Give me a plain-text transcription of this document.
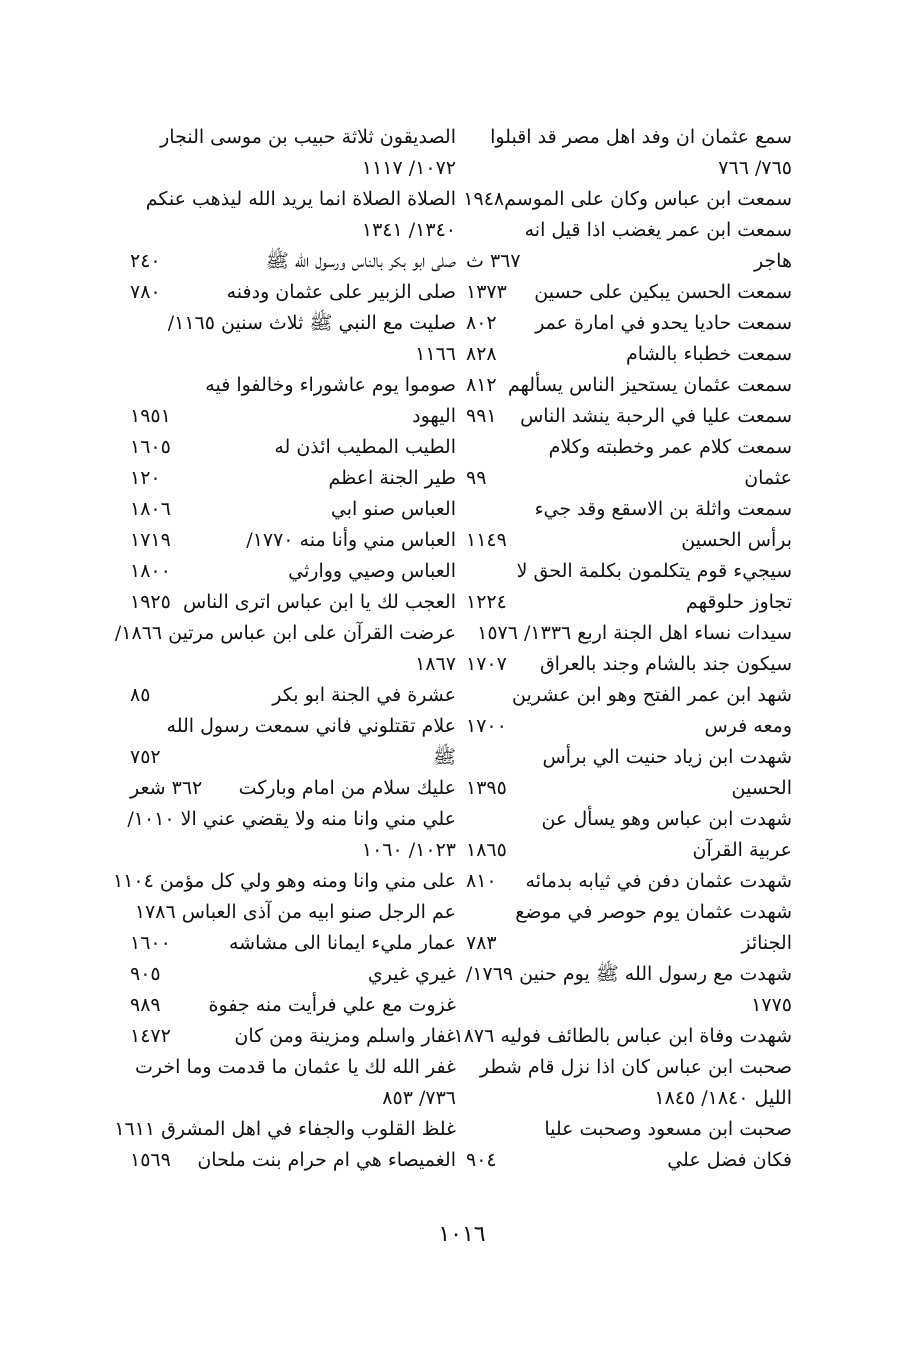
سمع عثمان ان وفد اهل مصر قد اقبلوا
٧٦٥/ ٧٦٦
سمعت ابن عباس وكان على الموسم
١٩٤٨
سمعت ابن عمر يغضب اذا قيل انه
هاجر
٣٦٧ ث
سمعت الحسن يبكين على حسين
١٣٧٣
سمعت حاديا يحدو في امارة عمر
٨٠٢
سمعت خطباء بالشام
٨٢٨
سمعت عثمان يستحيز الناس يسألهم
٨١٢
سمعت عليا في الرحبة ينشد الناس
٩٩١
سمعت كلام عمر وخطبته وكلام
عثمان
٩٩
سمعت واثلة بن الاسقع وقد جيء
برأس الحسين
١١٤٩
سيجيء قوم يتكلمون بكلمة الحق لا
تجاوز حلوقهم
١٢٢٤
سيدات نساء اهل الجنة اربع ١٣٣٦/ ١٥٧٦
سيكون جند بالشام وجند بالعراق
١٧٠٧
شهد ابن عمر الفتح وهو ابن عشرين
ومعه فرس
١٧٠٠
شهدت ابن زياد حنيت الي برأس
الحسين
١٣٩٥
شهدت ابن عباس وهو يسأل عن
عربية القرآن
١٨٦٥
شهدت عثمان دفن في ثيابه بدمائه
٨١٠
شهدت عثمان يوم حوصر في موضع
الجنائز
٧٨٣
شهدت مع رسول الله ﷺ يوم حنين ١٧٦٩/
١٧٧٥
شهدت وفاة ابن عباس بالطائف فوليه ١٨٧٦
صحبت ابن عباس كان اذا نزل قام شطر
الليل ١٨٤٠/ ١٨٤٥
صحبت ابن مسعود وصحبت عليا
فكان فضل علي
٩٠٤
الصديقون ثلاثة حبيب بن موسى النجار
١٠٧٢/ ١١١٧
الصلاة الصلاة انما يريد الله ليذهب عنكم
١٣٤٠/ ١٣٤١
صلى ابو بكر بالناس ورسول الله ﷺ
٢٤٠
صلى الزبير على عثمان ودفنه
٧٨٠
صليت مع النبي ﷺ ثلاث سنين ١١٦٥/
١١٦٦
صوموا يوم عاشوراء وخالفوا فيه
اليهود
١٩٥١
الطيب المطيب ائذن له
١٦٠٥
طير الجنة اعظم
١٢٠
العباس صنو ابي
١٨٠٦
العباس مني وأنا منه ١٧٧٠/
١٧١٩
العباس وصيي ووارثي
١٨٠٠
العجب لك يا ابن عباس اترى الناس
١٩٢٥
عرضت القرآن على ابن عباس مرتين ١٨٦٦/
١٨٦٧
عشرة في الجنة ابو بكر
٨٥
علام تقتلوني فاني سمعت رسول الله
ﷺ
٧٥٢
عليك سلام من امام وباركت
٣٦٢ شعر
علي مني وانا منه ولا يقضي عني الا ١٠١٠/
١٠٢٣/ ١٠٦٠
على مني وانا ومنه وهو ولي كل مؤمن ١١٠٤
عم الرجل صنو ابيه من آذى العباس ١٧٨٦
عمار مليء ايمانا الى مشاشه
١٦٠٠
غيري غيري
٩٠٥
غزوت مع علي فرأيت منه جفوة
٩٨٩
غفار واسلم ومزينة ومن كان
١٤٧٢
غفر الله لك يا عثمان ما قدمت وما اخرت
٧٣٦/ ٨٥٣
غلظ القلوب والجفاء في اهل المشرق ١٦١١
الغميصاء هي ام حرام بنت ملحان
١٥٦٩
١٠١٦
